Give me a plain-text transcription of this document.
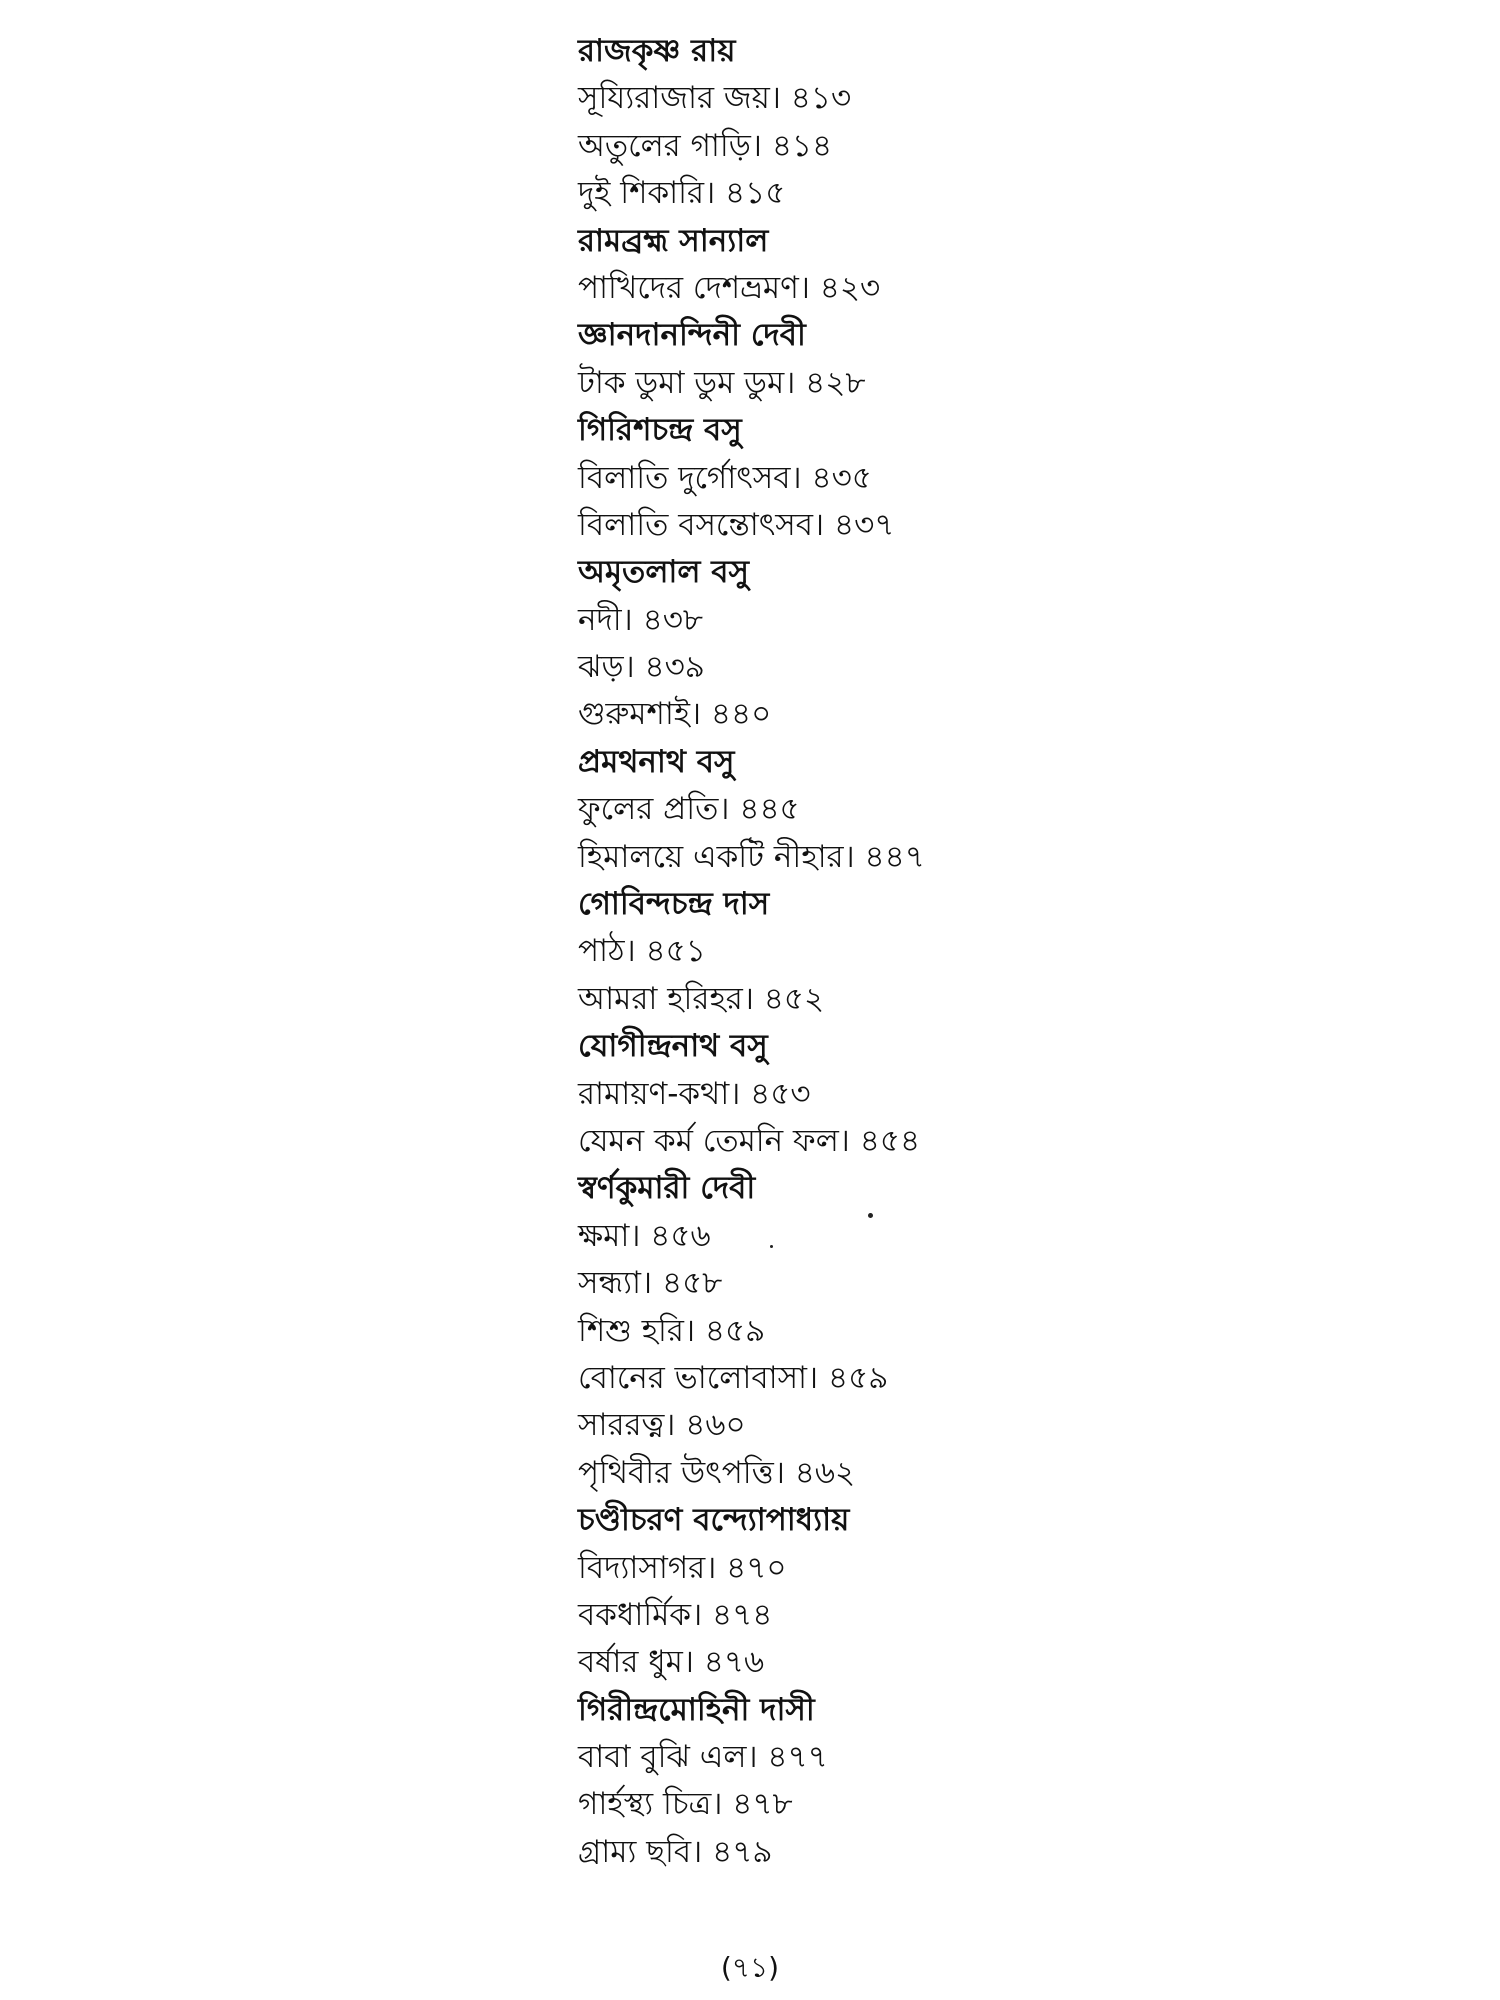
রাজকৃষ্ণ রায়
সূয্যিরাজার জয়। ৪১৩
অতুলের গাড়ি। ৪১৪
দুই শিকারি। ৪১৫
রামব্রহ্ম সান্যাল
পাখিদের দেশভ্রমণ। ৪২৩
জ্ঞানদানন্দিনী দেবী
টাক ডুমা ডুম ডুম। ৪২৮
গিরিশচন্দ্র বসু
বিলাতি দুর্গোৎসব। ৪৩৫
বিলাতি বসন্তোৎসব। ৪৩৭
অমৃতলাল বসু
নদী। ৪৩৮
ঝড়। ৪৩৯
গুরুমশাই। ৪৪০
প্রমথনাথ বসু
ফুলের প্রতি। ৪৪৫
হিমালয়ে একটি নীহার। ৪৪৭
গোবিন্দচন্দ্র দাস
পাঠ। ৪৫১
আমরা হরিহর। ৪৫২
যোগীন্দ্রনাথ বসু
রামায়ণ-কথা। ৪৫৩
যেমন কর্ম তেমনি ফল। ৪৫৪
স্বর্ণকুমারী দেবী
ক্ষমা। ৪৫৬
সন্ধ্যা। ৪৫৮
শিশু হরি। ৪৫৯
বোনের ভালোবাসা। ৪৫৯
সাররত্ন। ৪৬০
পৃথিবীর উৎপত্তি। ৪৬২
চণ্ডীচরণ বন্দ্যোপাধ্যায়
বিদ্যাসাগর। ৪৭০
বকধার্মিক। ৪৭৪
বর্ষার ধুম। ৪৭৬
গিরীন্দ্রমোহিনী দাসী
বাবা বুঝি এল। ৪৭৭
গার্হস্থ্য চিত্র। ৪৭৮
গ্রাম্য ছবি। ৪৭৯
(৭১)
